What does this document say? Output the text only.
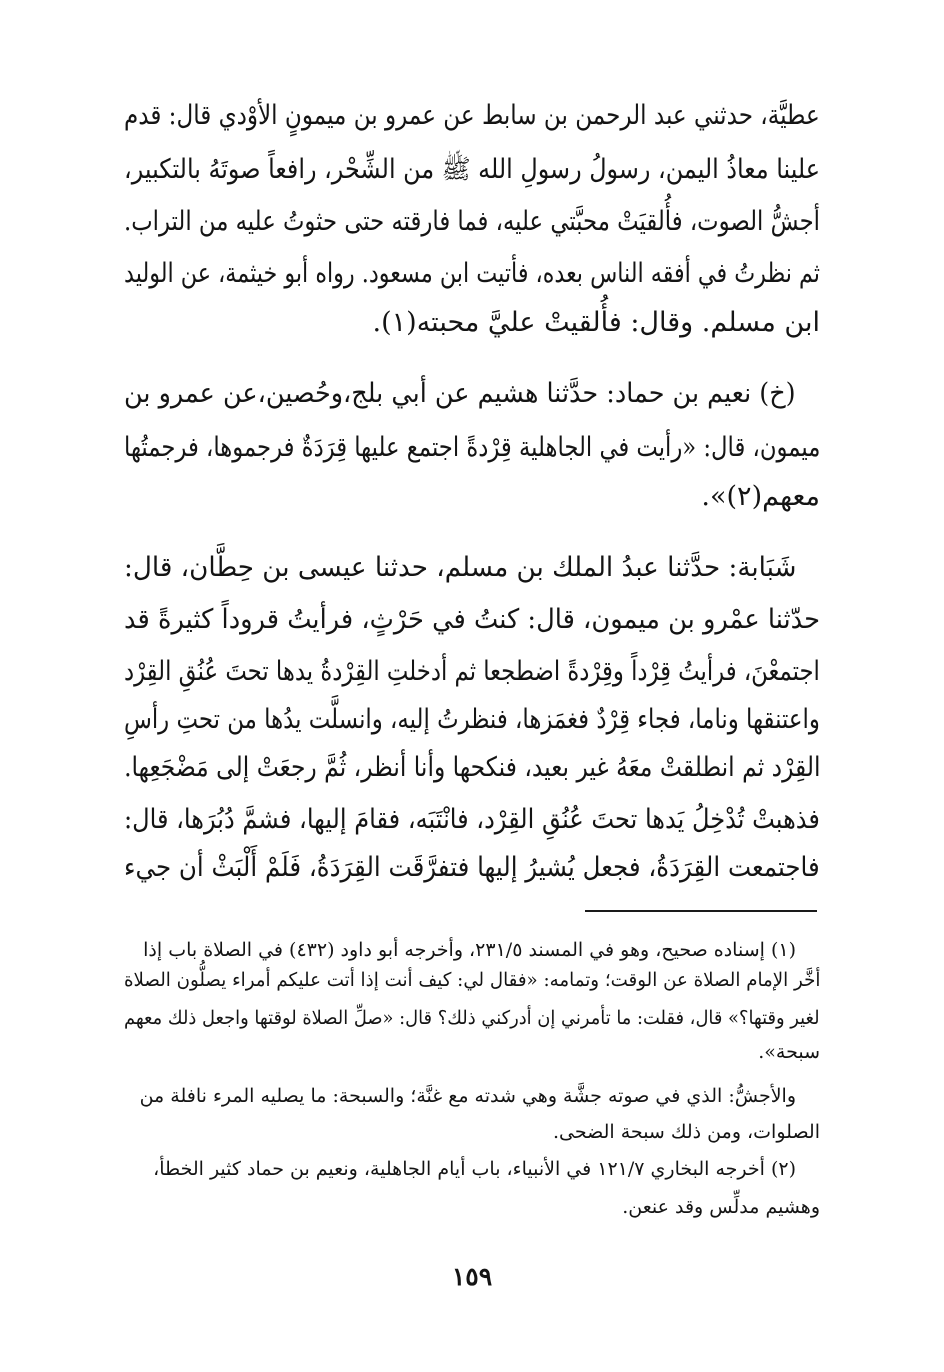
عطيَّة، حدثني عبد الرحمن بن سابط عن عمرو بن ميمونٍ الأوْدي قال: قدم
علينا معاذُ اليمن، رسولُ رسولِ الله ﷺ من الشِّحْر، رافعاً صوتَهُ بالتكبير،
أجشُّ الصوت، فأُلقيَتْ محبَّتي عليه، فما فارقته حتى حثوتُ عليه من التراب.
ثم نظرتُ في أفقه الناس بعده، فأتيت ابن مسعود. رواه أبو خيثمة، عن الوليد
ابن مسلم. وقال: فأُلقيتْ عليَّ محبته(١).
(خ) نعيم بن حماد: حدَّثنا هشيم عن أبي بلج،وحُصين،عن عمرو بن
ميمون، قال: «رأيت في الجاهلية قِرْدةً اجتمع عليها قِرَدَةٌ فرجموها، فرجمتُها
معهم(٢)».
شَبَابة: حدَّثنا عبدُ الملك بن مسلم، حدثنا عيسى بن حِطَّان، قال:
حدّثنا عمْرو بن ميمون، قال: كنتُ في حَرْثٍ، فرأيتُ قروداً كثيرةً قد
اجتمعْنَ، فرأيتُ قِرْداً وقِرْدةً اضطجعا ثم أدخلتِ القِرْدةُ يدها تحتَ عُنُقِ القِرْد
واعتنقها وناما، فجاء قِرْدٌ فغمَزها، فنظرتُ إليه، وانسلَّت يدُها من تحتِ رأسِ
القِرْد ثم انطلقتْ معَهُ غير بعيد، فنكحها وأنا أنظر، ثُمَّ رجعَتْ إلى مَضْجَعِها.
فذهبتْ تُدْخِلُ يَدها تحتَ عُنُقِ القِرْد، فانْتَبَه، فقامَ إليها، فشمَّ دُبُرَها، قال:
فاجتمعت القِرَدَةُ، فجعل يُشيرُ إليها فتفرَّقَت القِرَدَةُ، فَلَمْ أَلْبَثْ أن جيء
(١) إسناده صحيح، وهو في المسند ٢٣١/٥، وأخرجه أبو داود (٤٣٢) في الصلاة باب إذا
أخَّر الإمام الصلاة عن الوقت؛ وتمامه: «فقال لي: كيف أنت إذا أتت عليكم أمراء يصلُّون الصلاة
لغير وقتها؟» قال، فقلت: ما تأمرني إن أدركني ذلك؟ قال: «صلِّ الصلاة لوقتها واجعل ذلك معهم
سبحة».
والأجشُّ: الذي في صوته جشَّة وهي شدته مع غنَّة؛ والسبحة: ما يصليه المرء نافلة من
الصلوات، ومن ذلك سبحة الضحى.
(٢) أخرجه البخاري ١٢١/٧ في الأنبياء، باب أيام الجاهلية، ونعيم بن حماد كثير الخطأ،
وهشيم مدلِّس وقد عنعن.
١٥٩
